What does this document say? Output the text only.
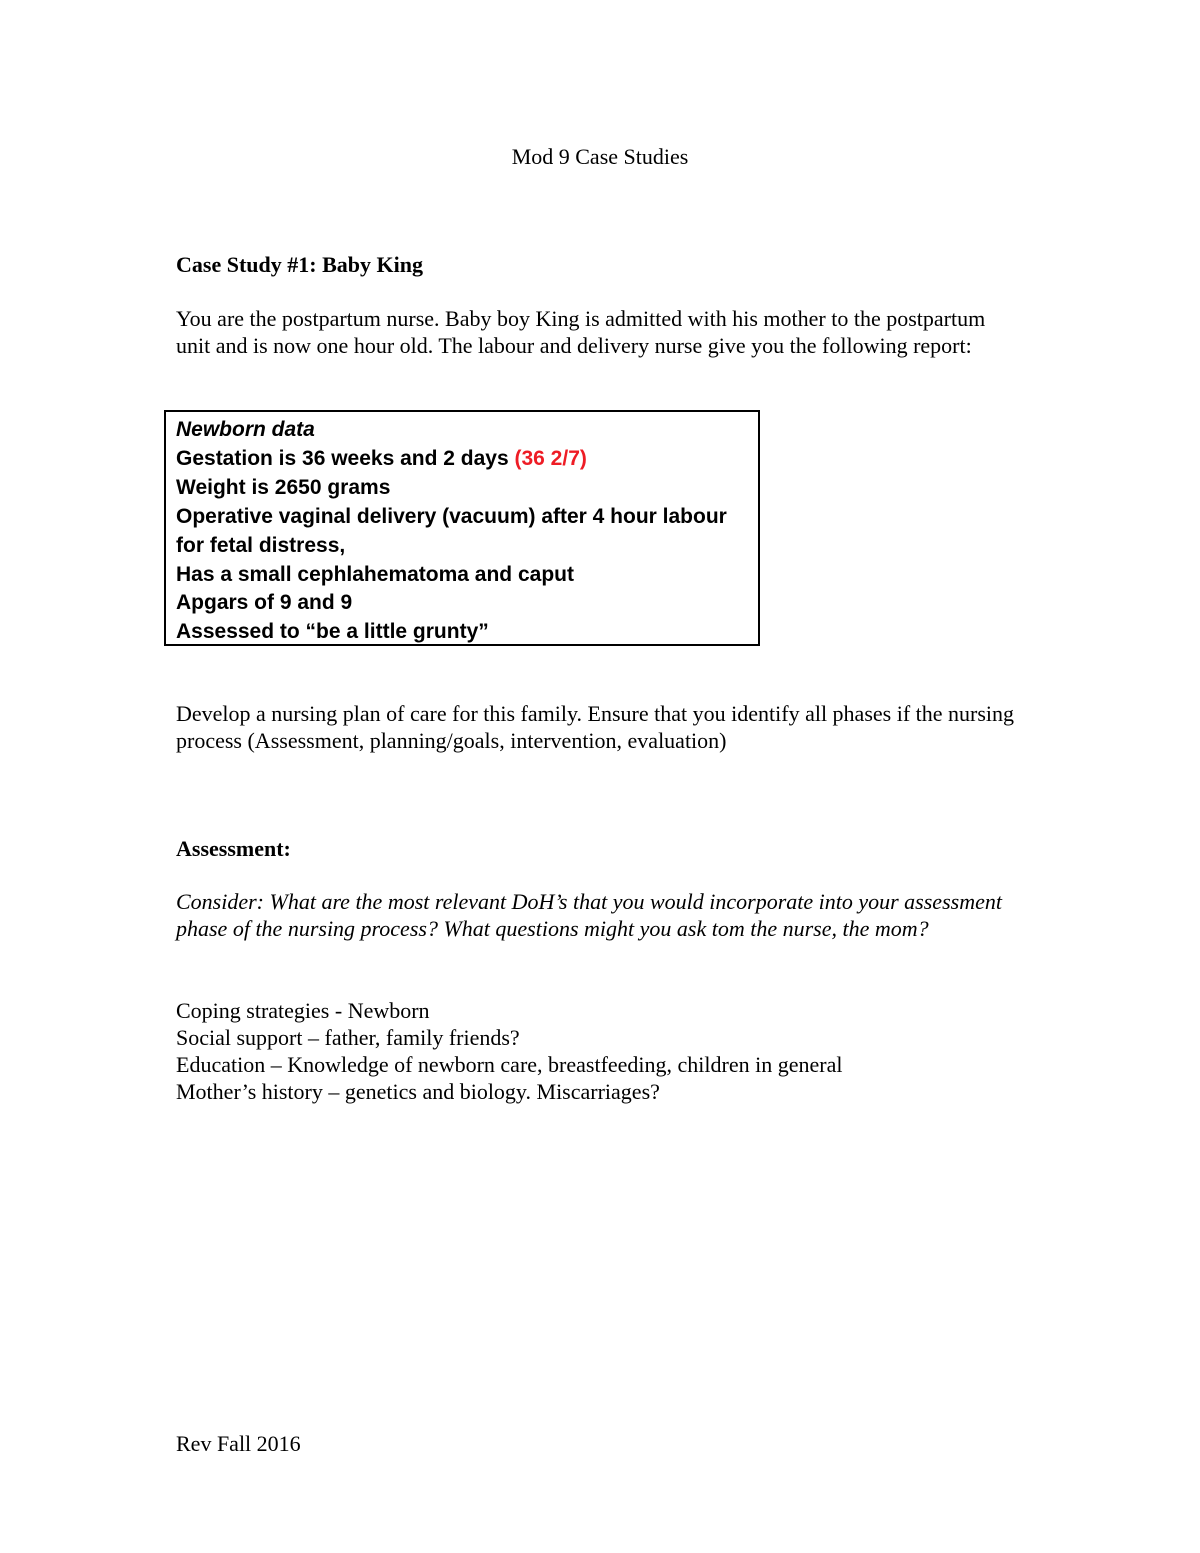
Mod 9 Case Studies
Case Study #1: Baby King
You are the postpartum nurse. Baby boy King is admitted with his mother to the postpartum unit and is now one hour old. The labour and delivery nurse give you the following report:
Newborn data
Gestation is 36 weeks and 2 days (36 2/7)
Weight is 2650 grams
Operative vaginal delivery (vacuum) after 4 hour labour for fetal distress,
Has a small cephlahematoma and caput
Apgars of 9 and 9
Assessed to “be a little grunty”
Develop a nursing plan of care for this family. Ensure that you identify all phases if the nursing process (Assessment, planning/goals, intervention, evaluation)
Assessment:
Consider: What are the most relevant DoH’s that you would incorporate into your assessment phase of the nursing process? What questions might you ask tom the nurse, the mom?
Coping strategies - Newborn
Social support – father, family friends?
Education – Knowledge of newborn care, breastfeeding, children in general
Mother’s history – genetics and biology. Miscarriages?
Rev Fall 2016
